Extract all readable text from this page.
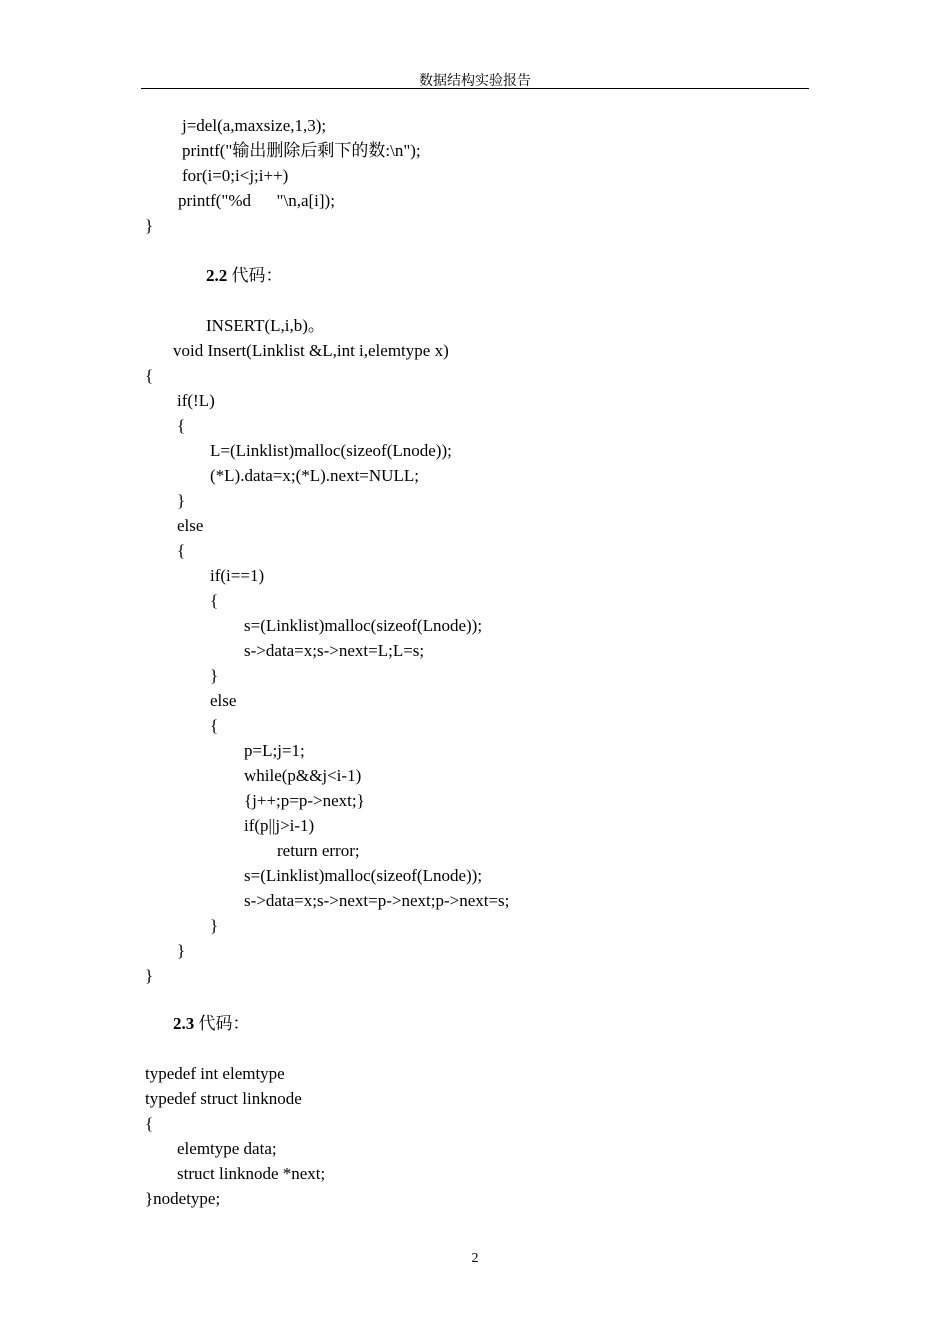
数据结构实验报告
j=del(a,maxsize,1,3);
printf("输出删除后剩下的数:\n");
for(i=0;i<j;i++)
printf("%d      "\n,a[i]);
}
2.2 代码：
INSERT(L,i,b)。
void Insert(Linklist &L,int i,elemtype x)
{
if(!L)
{
L=(Linklist)malloc(sizeof(Lnode));
(*L).data=x;(*L).next=NULL;
}
else
{
if(i==1)
{
s=(Linklist)malloc(sizeof(Lnode));
s->data=x;s->next=L;L=s;
}
else
{
p=L;j=1;
while(p&&j<i-1)
{j++;p=p->next;}
if(p||j>i-1)
return error;
s=(Linklist)malloc(sizeof(Lnode));
s->data=x;s->next=p->next;p->next=s;
}
}
}
2.3 代码：
typedef int elemtype
typedef struct linknode
{
elemtype data;
struct linknode *next;
}nodetype;
2
